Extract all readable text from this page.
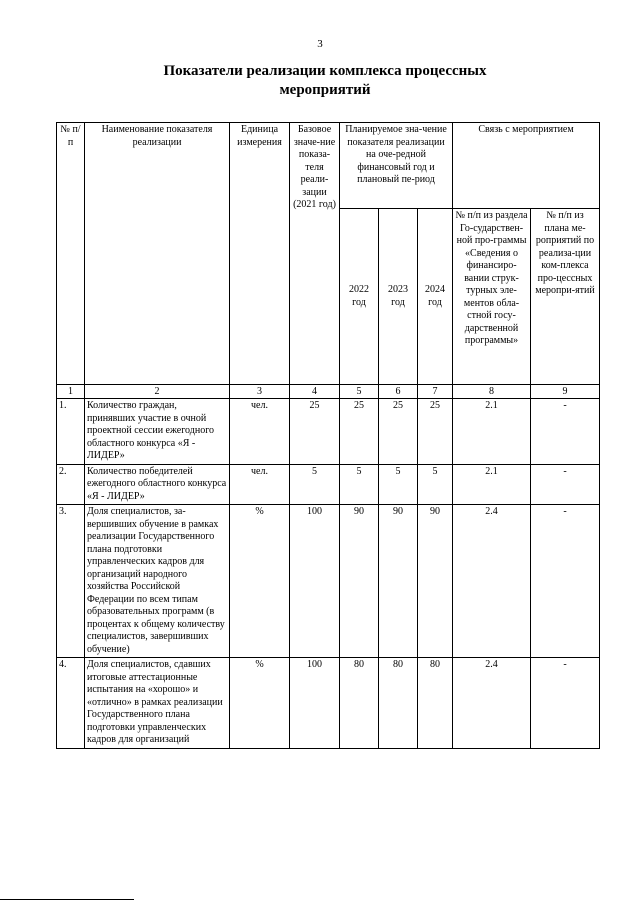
3
Показатели реализации комплекса процессных
мероприятий
№ п/п	Наименование показателя реализации	Единица измерения	Базовое значе-ние показа-теля реали-зации (2021 год)	Планируемое зна-чение показателя реализации на оче-редной финансовый год и плановый пе-риод			Связь с мероприятием	
				2022 год	2023 год	2024 год	№ п/п из раздела Го-сударствен-ной про-граммы «Сведения о финансиро-вании струк-турных эле-ментов обла-стной госу-дарственной программы»	№ п/п из плана ме-роприятий по реализа-ции ком-плекса про-цессных меропри-ятий
1	2	3	4	5	6	7	8	9
1.	Количество граждан, принявших участие в очной проектной сессии ежегодного областного конкурса «Я - ЛИДЕР»	чел.	25	25	25	25	2.1	-
2.	Количество победителей ежегодного областного конкурса «Я - ЛИДЕР»	чел.	5	5	5	5	2.1	-
3.	Доля специалистов, за-вершивших обучение в рамках реализации Государственного плана подготовки управленческих кадров для организаций народного хозяйства Российской Федерации по всем типам образовательных программ (в процентах к общему количеству специалистов, завершивших обучение)	%	100	90	90	90	2.4	-
4.	Доля специалистов, сдавших итоговые аттестационные испытания на «хорошо» и «отлично» в рамках реализации Государственного плана подготовки управленческих кадров для организаций	%	100	80	80	80	2.4	-
